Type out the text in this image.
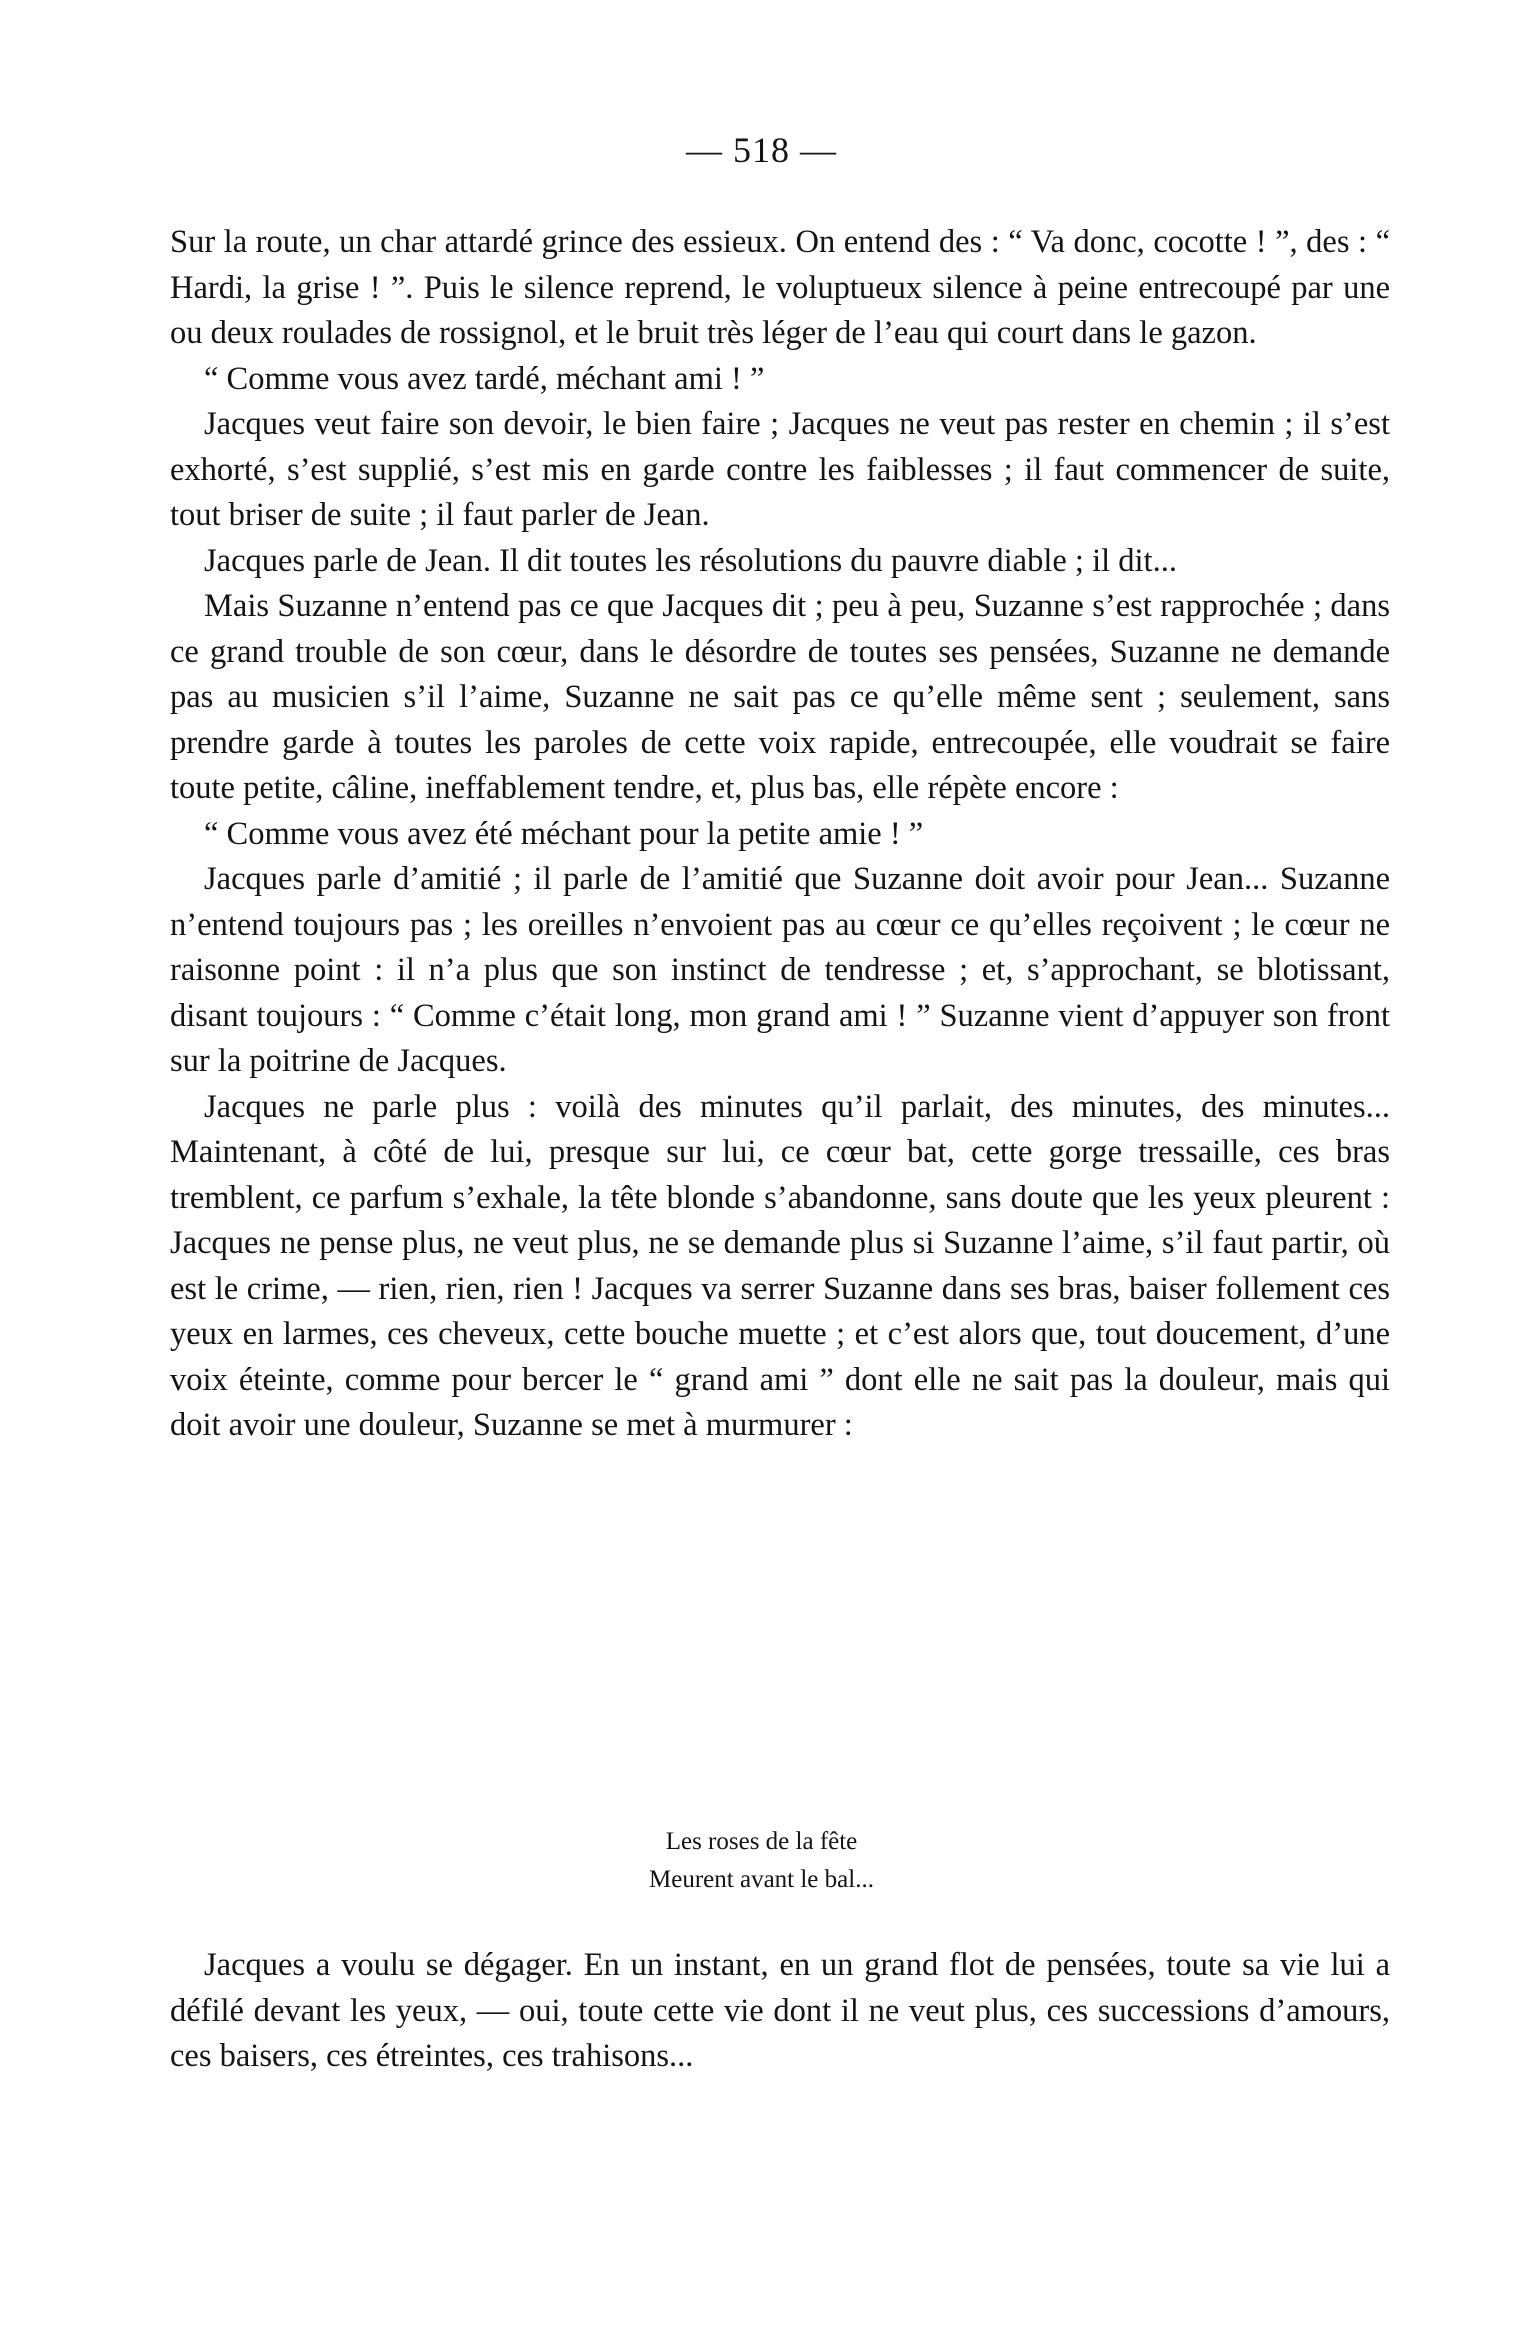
— 518 —

Sur la route, un char attardé grince des essieux. On entend des : “ Va donc, cocotte ! ”, des : “ Hardi, la grise ! ”. Puis le silence reprend, le voluptueux silence à peine entrecoupé par une ou deux roulades de rossignol, et le bruit très léger de l’eau qui court dans le gazon.

“ Comme vous avez tardé, méchant ami ! ”

Jacques veut faire son devoir, le bien faire ; Jacques ne veut pas rester en chemin ; il s’est exhorté, s’est supplié, s’est mis en garde contre les faiblesses ; il faut commencer de suite, tout briser de suite ; il faut parler de Jean.

Jacques parle de Jean. Il dit toutes les résolutions du pauvre diable ; il dit...

Mais Suzanne n’entend pas ce que Jacques dit ; peu à peu, Suzanne s’est rapprochée ; dans ce grand trouble de son cœur, dans le désordre de toutes ses pensées, Suzanne ne demande pas au musicien s’il l’aime, Suzanne ne sait pas ce qu’elle même sent ; seulement, sans prendre garde à toutes les paroles de cette voix rapide, entrecoupée, elle voudrait se faire toute petite, câline, ineffablement tendre, et, plus bas, elle répète encore :

“ Comme vous avez été méchant pour la petite amie ! ”

Jacques parle d’amitié ; il parle de l’amitié que Suzanne doit avoir pour Jean... Suzanne n’entend toujours pas ; les oreilles n’envoient pas au cœur ce qu’elles reçoivent ; le cœur ne raisonne point : il n’a plus que son instinct de tendresse ; et, s’approchant, se blotissant, disant toujours : “ Comme c’était long, mon grand ami ! ” Suzanne vient d’appuyer son front sur la poitrine de Jacques.

Jacques ne parle plus : voilà des minutes qu’il parlait, des minutes, des minutes... Maintenant, à côté de lui, presque sur lui, ce cœur bat, cette gorge tressaille, ces bras tremblent, ce parfum s’exhale, la tête blonde s’abandonne, sans doute que les yeux pleurent : Jacques ne pense plus, ne veut plus, ne se demande plus si Suzanne l’aime, s’il faut partir, où est le crime, — rien, rien, rien ! Jacques va serrer Suzanne dans ses bras, baiser follement ces yeux en larmes, ces cheveux, cette bouche muette ; et c’est alors que, tout doucement, d’une voix éteinte, comme pour bercer le “ grand ami ” dont elle ne sait pas la douleur, mais qui doit avoir une douleur, Suzanne se met à murmurer :

Les roses de la fête
Meurent avant le bal...

Jacques a voulu se dégager. En un instant, en un grand flot de pensées, toute sa vie lui a défilé devant les yeux, — oui, toute cette vie dont il ne veut plus, ces successions d’amours, ces baisers, ces étreintes, ces trahisons...
